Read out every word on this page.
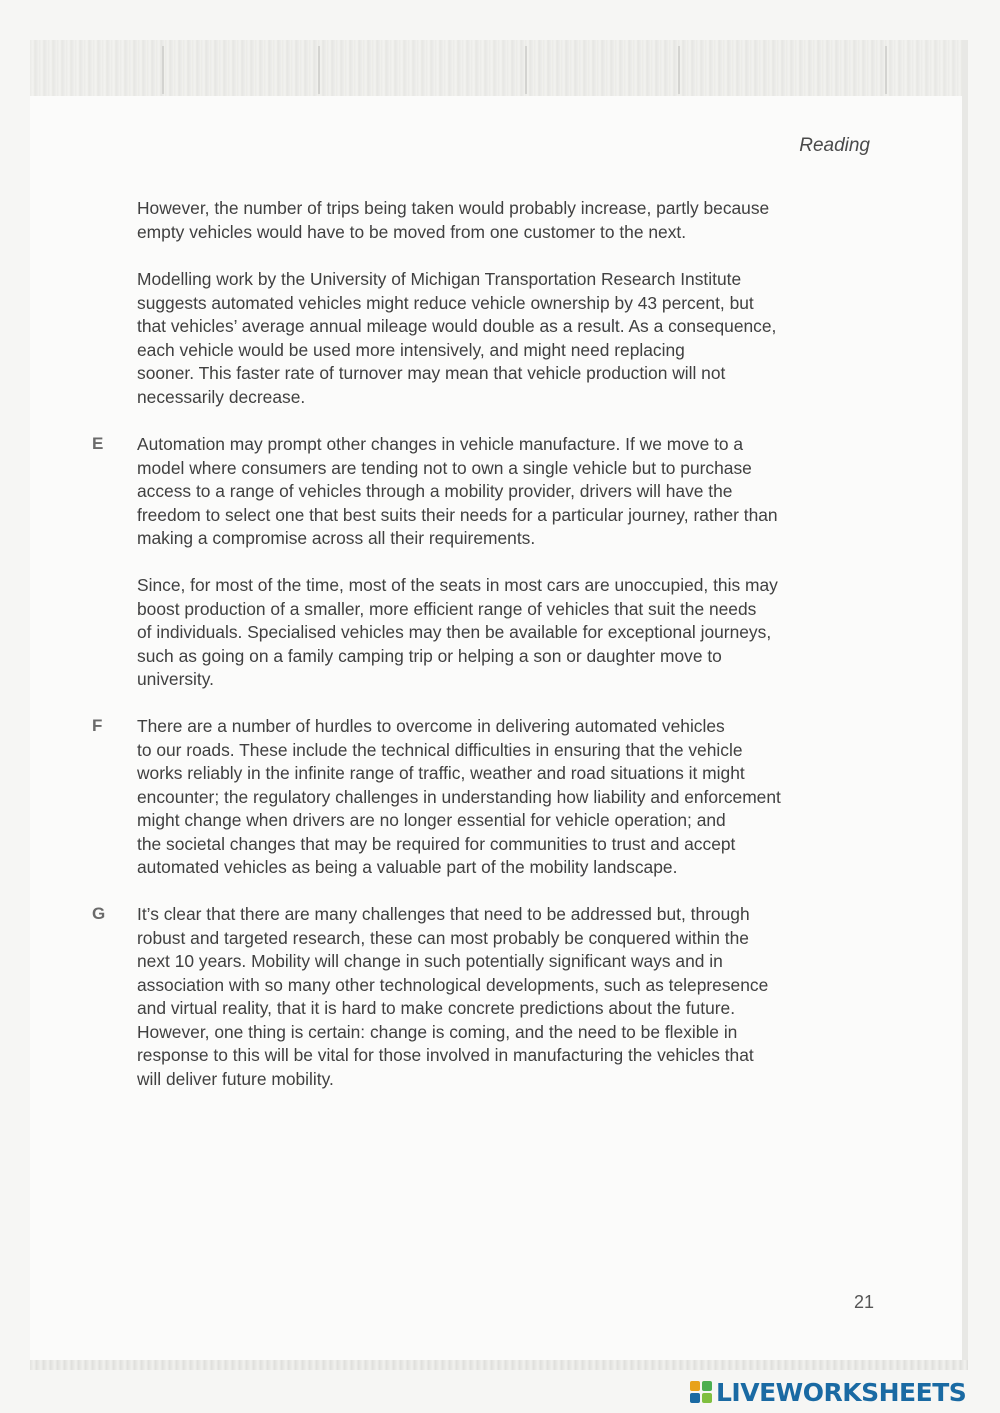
Reading
However, the number of trips being taken would probably increase, partly because
empty vehicles would have to be moved from one customer to the next.
Modelling work by the University of Michigan Transportation Research Institute
suggests automated vehicles might reduce vehicle ownership by 43 percent, but
that vehicles’ average annual mileage would double as a result. As a consequence,
each vehicle would be used more intensively, and might need replacing
sooner. This faster rate of turnover may mean that vehicle production will not
necessarily decrease.
E Automation may prompt other changes in vehicle manufacture. If we move to a
model where consumers are tending not to own a single vehicle but to purchase
access to a range of vehicles through a mobility provider, drivers will have the
freedom to select one that best suits their needs for a particular journey, rather than
making a compromise across all their requirements.
Since, for most of the time, most of the seats in most cars are unoccupied, this may
boost production of a smaller, more efficient range of vehicles that suit the needs
of individuals. Specialised vehicles may then be available for exceptional journeys,
such as going on a family camping trip or helping a son or daughter move to
university.
F There are a number of hurdles to overcome in delivering automated vehicles
to our roads. These include the technical difficulties in ensuring that the vehicle
works reliably in the infinite range of traffic, weather and road situations it might
encounter; the regulatory challenges in understanding how liability and enforcement
might change when drivers are no longer essential for vehicle operation; and
the societal changes that may be required for communities to trust and accept
automated vehicles as being a valuable part of the mobility landscape.
G It’s clear that there are many challenges that need to be addressed but, through
robust and targeted research, these can most probably be conquered within the
next 10 years. Mobility will change in such potentially significant ways and in
association with so many other technological developments, such as telepresence
and virtual reality, that it is hard to make concrete predictions about the future.
However, one thing is certain: change is coming, and the need to be flexible in
response to this will be vital for those involved in manufacturing the vehicles that
will deliver future mobility.
21
LIVEWORKSHEETS
